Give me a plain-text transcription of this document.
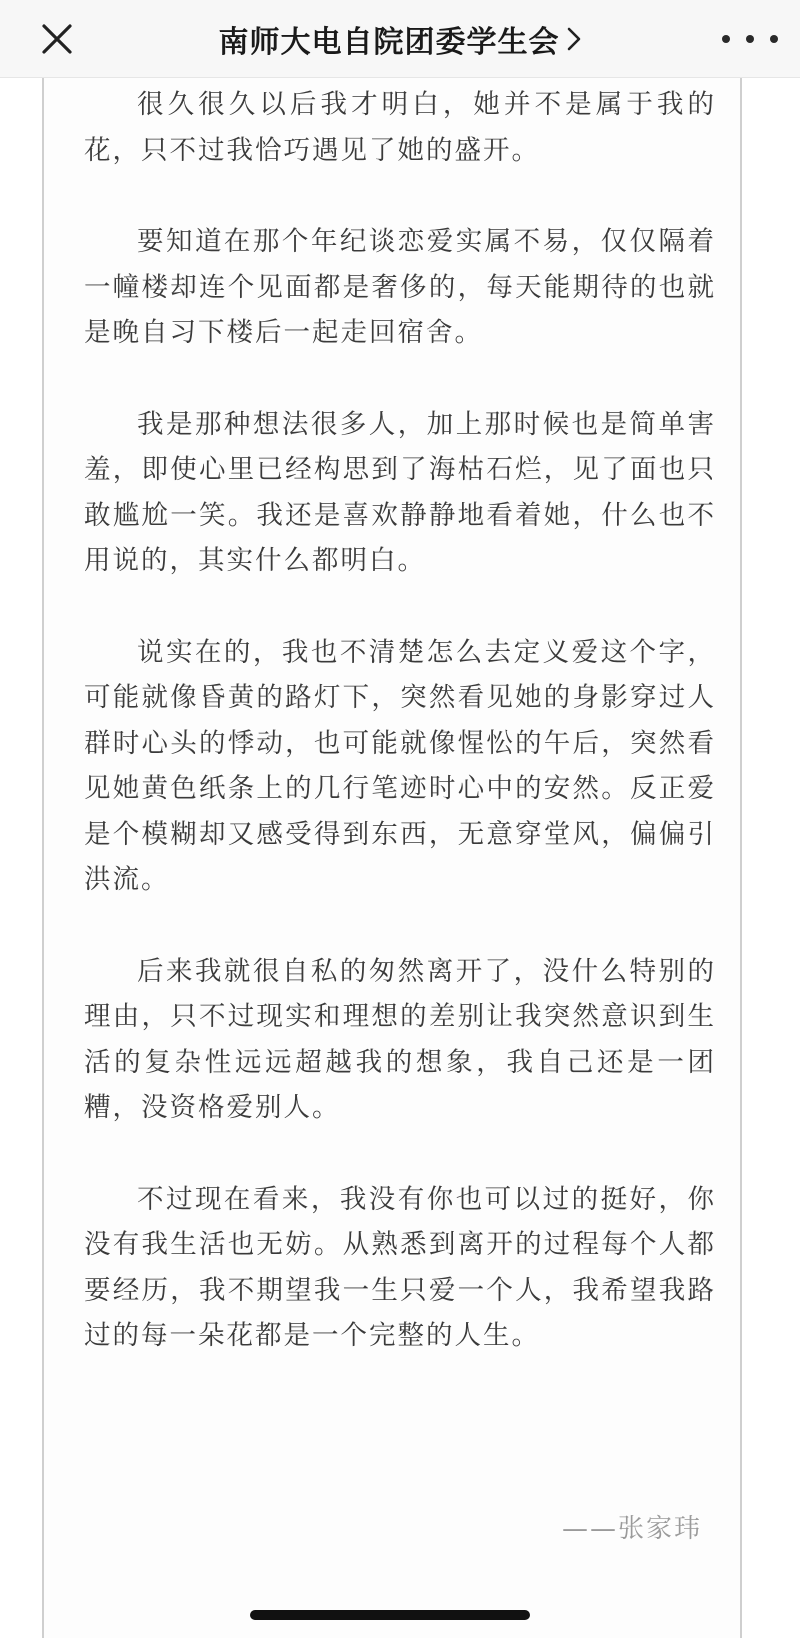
南师大电自院团委学生会

很久很久以后我才明白，她并不是属于我的花，只不过我恰巧遇见了她的盛开。

要知道在那个年纪谈恋爱实属不易，仅仅隔着一幢楼却连个见面都是奢侈的，每天能期待的也就是晚自习下楼后一起走回宿舍。

我是那种想法很多人，加上那时候也是简单害羞，即使心里已经构思到了海枯石烂，见了面也只敢尴尬一笑。我还是喜欢静静地看着她，什么也不用说的，其实什么都明白。

说实在的，我也不清楚怎么去定义爱这个字，可能就像昏黄的路灯下，突然看见她的身影穿过人群时心头的悸动，也可能就像惺忪的午后，突然看见她黄色纸条上的几行笔迹时心中的安然。反正爱是个模糊却又感受得到东西，无意穿堂风，偏偏引洪流。

后来我就很自私的匆然离开了，没什么特别的理由，只不过现实和理想的差别让我突然意识到生活的复杂性远远超越我的想象，我自己还是一团糟，没资格爱别人。

不过现在看来，我没有你也可以过的挺好，你没有我生活也无妨。从熟悉到离开的过程每个人都要经历，我不期望我一生只爱一个人，我希望我路过的每一朵花都是一个完整的人生。

——张家玮
